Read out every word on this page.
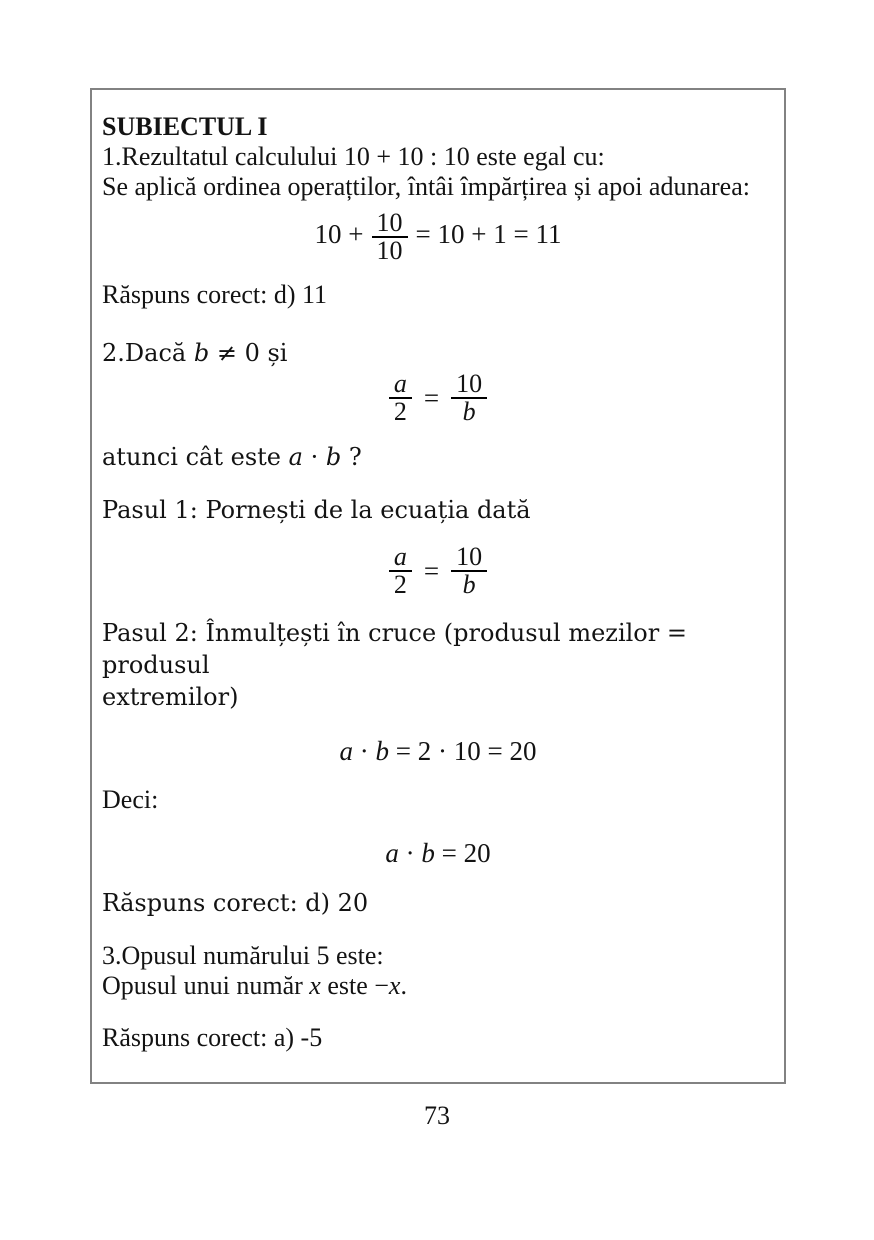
SUBIECTUL I
1.Rezultatul calculului 10 + 10 : 10 este egal cu:
Se aplică ordinea operațtilor, întâi împărțirea și apoi adunarea:
$10 + \frac{10}{10} = 10 + 1 = 11$
Răspuns corect: d) 11
2.Dacă b ≠ 0 și
$\frac{a}{2} = \frac{10}{b}$
atunci cât este a · b ?
Pasul 1: Pornești de la ecuația dată
$\frac{a}{2} = \frac{10}{b}$
Pasul 2: Înmulțești în cruce (produsul mezilor = produsul
extremilor)
a · b = 2 · 10 = 20
Deci:
a · b = 20
Răspuns corect: d) 20
3.Opusul numărului 5 este:
Opusul unui număr x este −x.
Răspuns corect: a) -5
73
